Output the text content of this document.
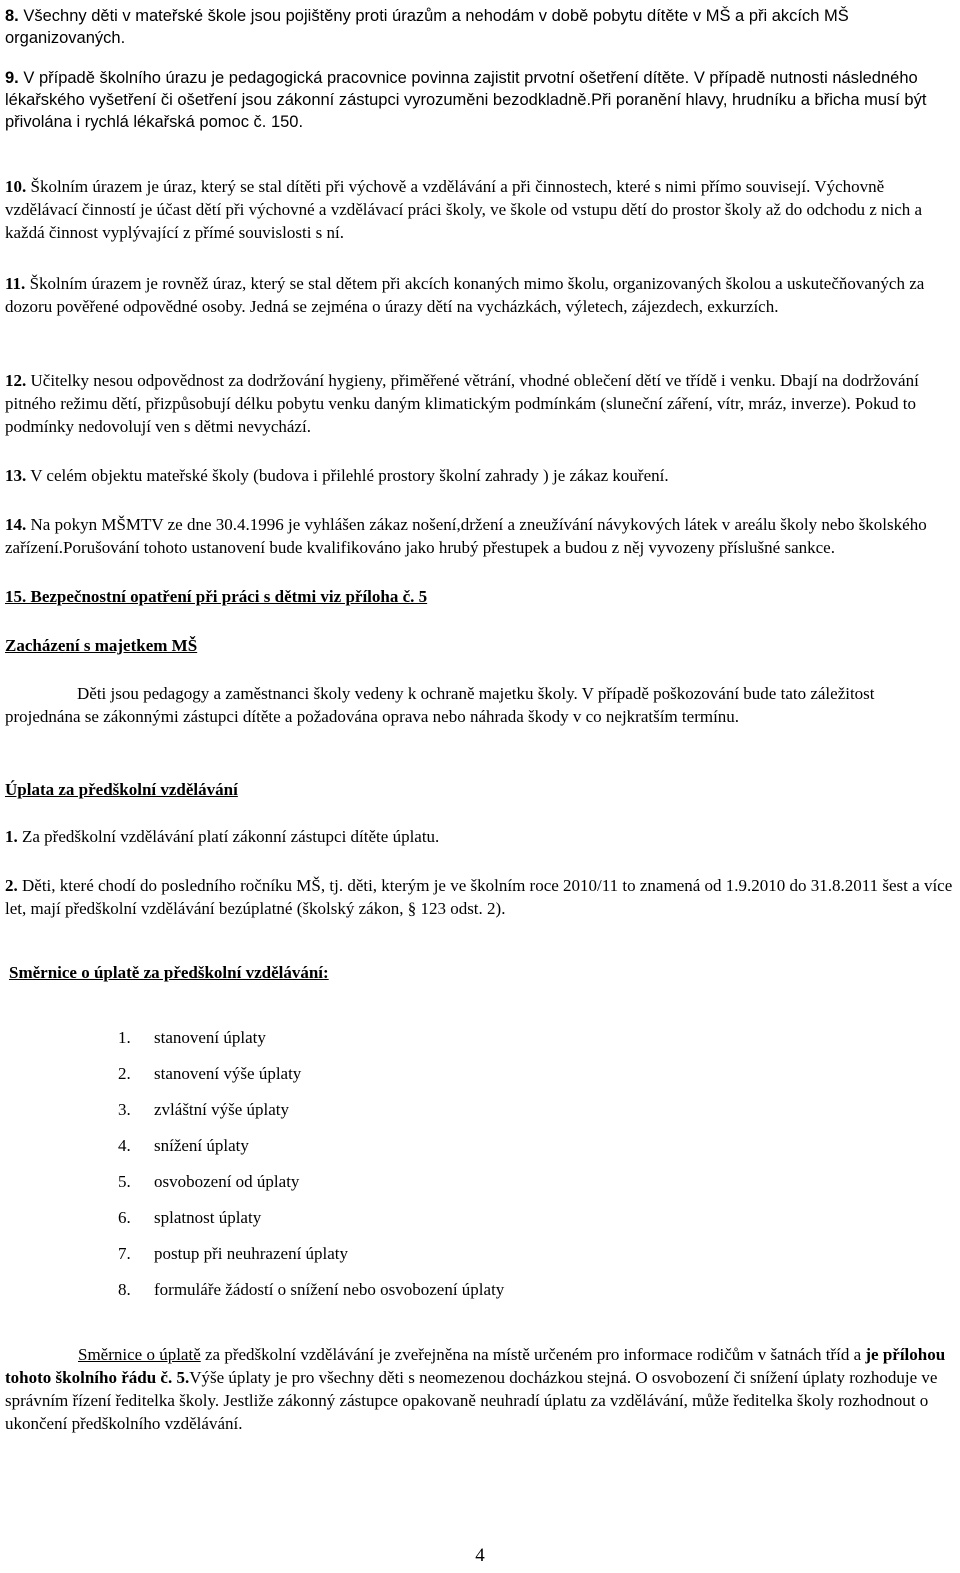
8. Všechny děti v mateřské škole jsou pojištěny proti úrazům a nehodám v době pobytu dítěte v MŠ a při akcích MŠ organizovaných.

9. V případě školního úrazu je pedagogická pracovnice povinna zajistit prvotní ošetření dítěte. V případě nutnosti následného lékařského vyšetření či ošetření jsou zákonní zástupci vyrozuměni bezodkladně.Při poranění hlavy, hrudníku a břicha musí být přivolána i rychlá lékařská pomoc č. 150.

10. Školním úrazem je úraz, který se stal dítěti při výchově a vzdělávání a při činnostech, které s nimi přímo souvisejí. Výchovně vzdělávací činností je účast dětí při výchovné a vzdělávací práci školy, ve škole od vstupu dětí do prostor školy až do odchodu z nich a každá činnost vyplývající z přímé souvislosti s ní.

11. Školním úrazem je rovněž úraz, který se stal dětem při akcích konaných mimo školu, organizovaných školou a uskutečňovaných za dozoru pověřené odpovědné osoby. Jedná se zejména o úrazy dětí na vycházkách, výletech, zájezdech, exkurzích.

12. Učitelky nesou odpovědnost za dodržování hygieny, přiměřené větrání, vhodné oblečení dětí ve třídě i venku. Dbají na dodržování pitného režimu dětí, přizpůsobují délku pobytu venku daným klimatickým podmínkám (sluneční záření, vítr, mráz, inverze). Pokud to podmínky nedovolují ven s dětmi nevychází.

13. V celém objektu mateřské školy (budova i přilehlé prostory školní zahrady ) je zákaz kouření.

14. Na pokyn MŠMTV ze dne 30.4.1996 je vyhlášen zákaz nošení,držení a zneužívání návykových látek v areálu školy nebo školského zařízení.Porušování tohoto ustanovení bude kvalifikováno jako hrubý přestupek a budou z něj vyvozeny příslušné sankce.

15. Bezpečnostní opatření při práci s dětmi viz příloha č. 5

Zacházení s majetkem MŠ

Děti jsou pedagogy a zaměstnanci školy vedeny k ochraně majetku školy. V případě poškozování bude tato záležitost projednána se zákonnými zástupci dítěte a požadována oprava nebo náhrada škody v co nejkratším termínu.

Úplata za předškolní vzdělávání

1. Za předškolní vzdělávání platí zákonní zástupci dítěte úplatu.

2. Děti, které chodí do posledního ročníku MŠ, tj. děti, kterým je ve školním roce 2010/11 to znamená od 1.9.2010 do 31.8.2011 šest a více let, mají předškolní vzdělávání bezúplatné (školský zákon, § 123 odst. 2).

Směrnice o úplatě za předškolní vzdělávání:

Směrnice o úplatě za předškolní vzdělávání je zveřejněna na místě určeném pro informace rodičům v šatnách tříd a je přílohou tohoto školního řádu č. 5.Výše úplaty je pro všechny děti s neomezenou docházkou stejná. O osvobození či snížení úplaty rozhoduje ve správním řízení ředitelka školy. Jestliže zákonný zástupce opakovaně neuhradí úplatu za vzdělávání, může ředitelka školy rozhodnout o ukončení předškolního vzdělávání.

1. stanovení úplaty
2. stanovení výše úplaty
3. zvláštní výše úplaty
4. snížení úplaty
5. osvobození od úplaty
6. splatnost úplaty
7. postup při neuhrazení úplaty
8. formuláře žádostí o snížení nebo osvobození úplaty
4
